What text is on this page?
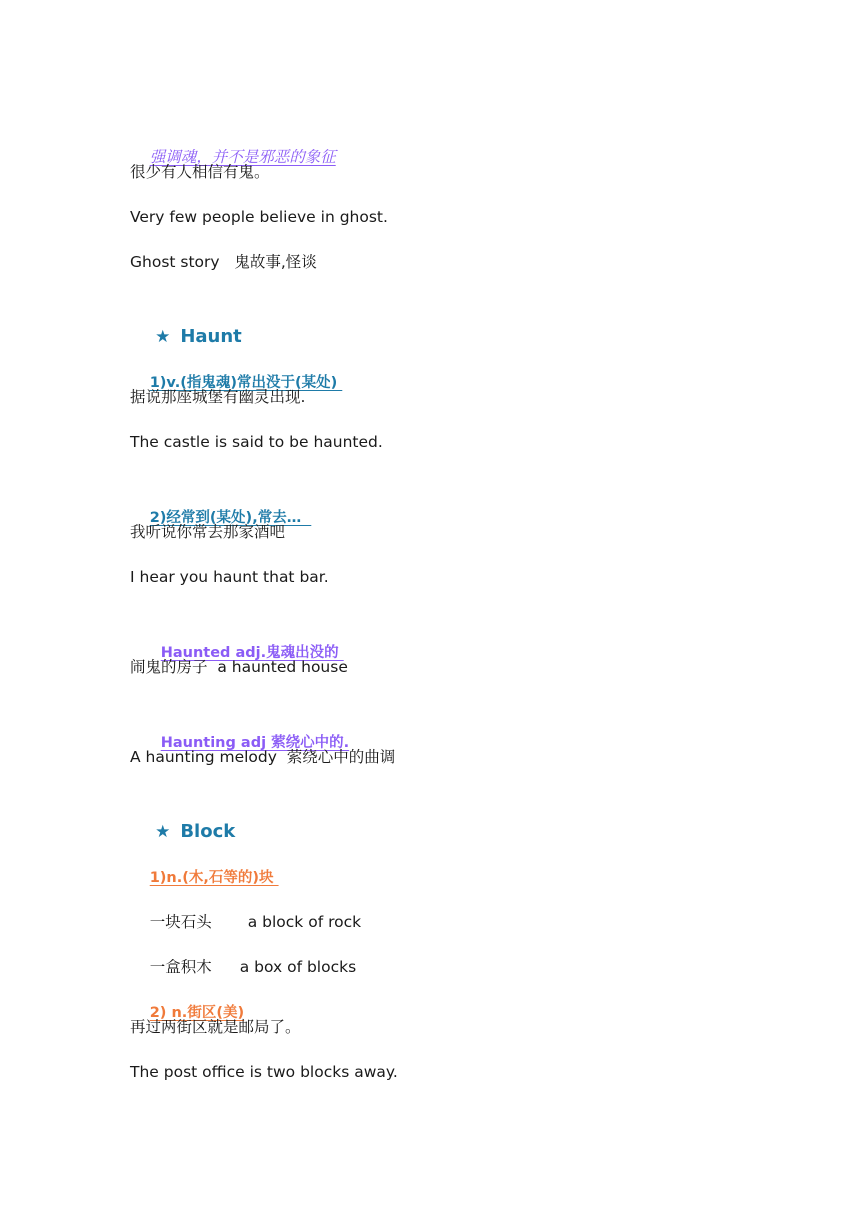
强调魂，并不是邪恶的象征

很少有人相信有鬼。
Very few people believe in ghost.
Ghost story   鬼故事,怪谈

★ Haunt

1)v.(指鬼魂)常出没于(某处)

据说那座城堡有幽灵出现.
The castle is said to be haunted.

2)经常到(某处),常去…

我听说你常去那家酒吧
I hear you haunt that bar.

Haunted adj.鬼魂出没的

闹鬼的房子  a haunted house

Haunting adj 萦绕心中的.

A haunting melody  萦绕心中的曲调

★ Block

1)n.(木,石等的)块

一块石头 a block of rock

一盒积木 a box of blocks

2) n.街区(美)

再过两街区就是邮局了。
The post office is two blocks away.
